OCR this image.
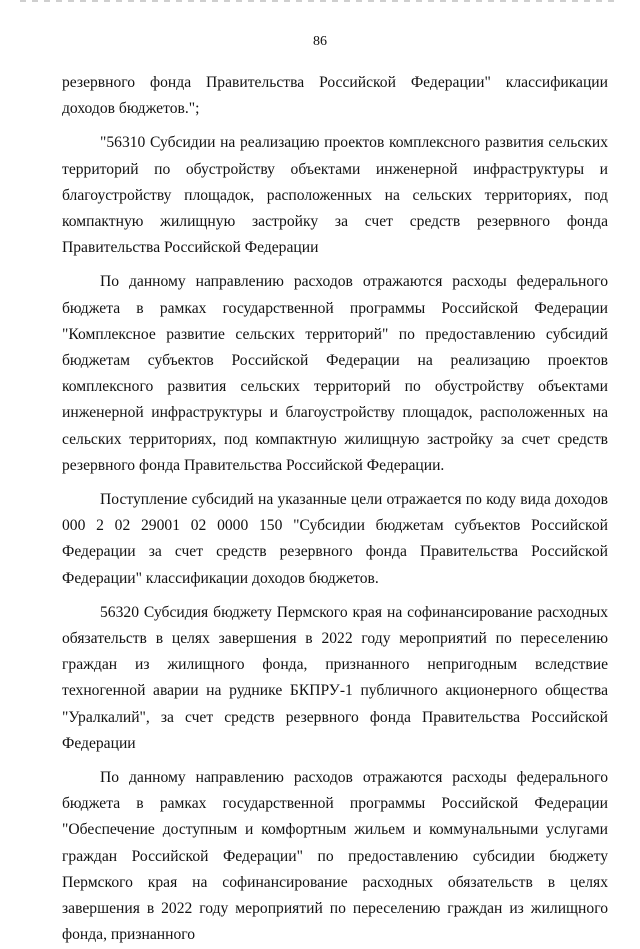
86

резервного фонда Правительства Российской Федерации" классификации доходов бюджетов.";

"56310 Субсидии на реализацию проектов комплексного развития сельских территорий по обустройству объектами инженерной инфраструктуры и благоустройству площадок, расположенных на сельских территориях, под компактную жилищную застройку за счет средств резервного фонда Правительства Российской Федерации

По данному направлению расходов отражаются расходы федерального бюджета в рамках государственной программы Российской Федерации "Комплексное развитие сельских территорий" по предоставлению субсидий бюджетам субъектов Российской Федерации на реализацию проектов комплексного развития сельских территорий по обустройству объектами инженерной инфраструктуры и благоустройству площадок, расположенных на сельских территориях, под компактную жилищную застройку за счет средств резервного фонда Правительства Российской Федерации.

Поступление субсидий на указанные цели отражается по коду вида доходов 000 2 02 29001 02 0000 150 "Субсидии бюджетам субъектов Российской Федерации за счет средств резервного фонда Правительства Российской Федерации" классификации доходов бюджетов.

56320 Субсидия бюджету Пермского края на софинансирование расходных обязательств в целях завершения в 2022 году мероприятий по переселению граждан из жилищного фонда, признанного непригодным вследствие техногенной аварии на руднике БКПРУ-1 публичного акционерного общества "Уралкалий", за счет средств резервного фонда Правительства Российской Федерации

По данному направлению расходов отражаются расходы федерального бюджета в рамках государственной программы Российской Федерации "Обеспечение доступным и комфортным жильем и коммунальными услугами граждан Российской Федерации" по предоставлению субсидии бюджету Пермского края на софинансирование расходных обязательств в целях завершения в 2022 году мероприятий по переселению граждан из жилищного фонда, признанного
